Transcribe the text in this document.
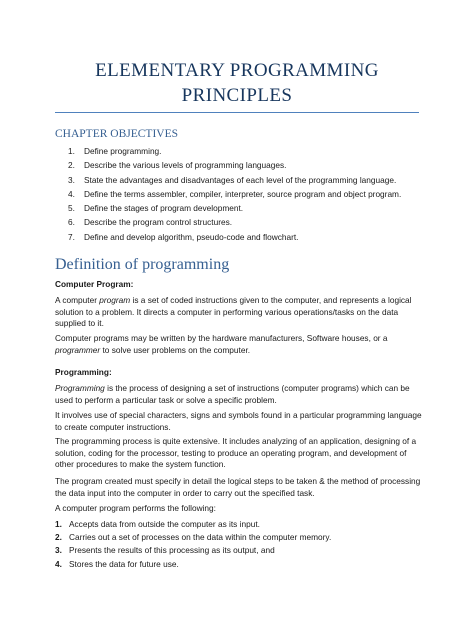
ELEMENTARY PROGRAMMING
PRINCIPLES
CHAPTER OBJECTIVES
1. Define programming.
2. Describe the various levels of programming languages.
3. State the advantages and disadvantages of each level of the programming language.
4. Define the terms assembler, compiler, interpreter, source program and object program.
5. Define the stages of program development.
6. Describe the program control structures.
7. Define and develop algorithm, pseudo-code and flowchart.
Definition of programming
Computer Program:

A computer program is a set of coded instructions given to the computer, and represents a logical solution to a problem. It directs a computer in performing various operations/tasks on the data supplied to it.

Computer programs may be written by the hardware manufacturers, Software houses, or a programmer to solve user problems on the computer.

Programming:

Programming is the process of designing a set of instructions (computer programs) which can be used to perform a particular task or solve a specific problem.

It involves use of special characters, signs and symbols found in a particular programming language to create computer instructions.

The programming process is quite extensive. It includes analyzing of an application, designing of a solution, coding for the processor, testing to produce an operating program, and development of other procedures to make the system function.

The program created must specify in detail the logical steps to be taken & the method of processing the data input into the computer in order to carry out the specified task.

A computer program performs the following:

1. Accepts data from outside the computer as its input.
2. Carries out a set of processes on the data within the computer memory.
3. Presents the results of this processing as its output, and
4. Stores the data for future use.
